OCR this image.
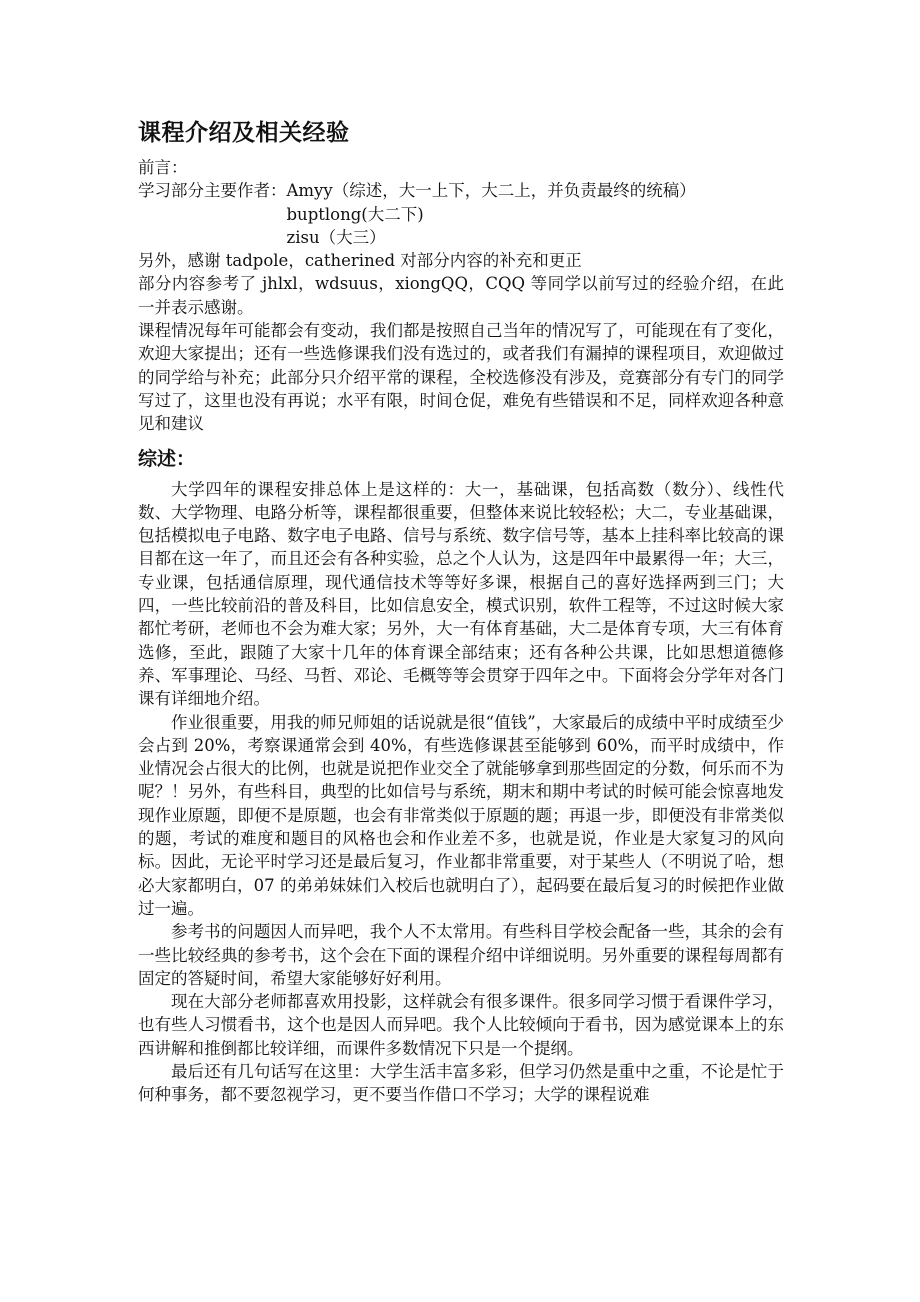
课程介绍及相关经验

前言：

学习部分主要作者： Amyy（综述，大一上下，大二上，并负责最终的统稿）
buptlong(大二下)
zisu（大三）

另外，感谢 tadpole，catherined 对部分内容的补充和更正

部分内容参考了 jhlxl，wdsuus，xiongQQ，CQQ 等同学以前写过的经验介绍，在此一并表示感谢。

课程情况每年可能都会有变动，我们都是按照自己当年的情况写了，可能现在有了变化，欢迎大家提出；还有一些选修课我们没有选过的，或者我们有漏掉的课程项目，欢迎做过的同学给与补充；此部分只介绍平常的课程，全校选修没有涉及，竞赛部分有专门的同学写过了，这里也没有再说；水平有限，时间仓促，难免有些错误和不足，同样欢迎各种意见和建议

综述：

大学四年的课程安排总体上是这样的：大一，基础课，包括高数（数分）、线性代数、大学物理、电路分析等，课程都很重要，但整体来说比较轻松；大二，专业基础课，包括模拟电子电路、数字电子电路、信号与系统、数字信号等，基本上挂科率比较高的课目都在这一年了，而且还会有各种实验，总之个人认为，这是四年中最累得一年；大三，专业课，包括通信原理，现代通信技术等等好多课，根据自己的喜好选择两到三门；大四，一些比较前沿的普及科目，比如信息安全，模式识别，软件工程等，不过这时候大家都忙考研，老师也不会为难大家；另外，大一有体育基础，大二是体育专项，大三有体育选修，至此，跟随了大家十几年的体育课全部结束；还有各种公共课，比如思想道德修养、军事理论、马经、马哲、邓论、毛概等等会贯穿于四年之中。下面将会分学年对各门课有详细地介绍。

作业很重要，用我的师兄师姐的话说就是很“值钱”，大家最后的成绩中平时成绩至少会占到 20%，考察课通常会到 40%，有些选修课甚至能够到 60%，而平时成绩中，作业情况会占很大的比例，也就是说把作业交全了就能够拿到那些固定的分数，何乐而不为呢？！另外，有些科目，典型的比如信号与系统，期末和期中考试的时候可能会惊喜地发现作业原题，即便不是原题，也会有非常类似于原题的题；再退一步，即便没有非常类似的题，考试的难度和题目的风格也会和作业差不多，也就是说，作业是大家复习的风向标。因此，无论平时学习还是最后复习，作业都非常重要，对于某些人（不明说了哈，想必大家都明白，07 的弟弟妹妹们入校后也就明白了），起码要在最后复习的时候把作业做过一遍。

参考书的问题因人而异吧，我个人不太常用。有些科目学校会配备一些，其余的会有一些比较经典的参考书，这个会在下面的课程介绍中详细说明。另外重要的课程每周都有固定的答疑时间，希望大家能够好好利用。

现在大部分老师都喜欢用投影，这样就会有很多课件。很多同学习惯于看课件学习，也有些人习惯看书，这个也是因人而异吧。我个人比较倾向于看书，因为感觉课本上的东西讲解和推倒都比较详细，而课件多数情况下只是一个提纲。

最后还有几句话写在这里：大学生活丰富多彩，但学习仍然是重中之重，不论是忙于何种事务，都不要忽视学习，更不要当作借口不学习；大学的课程说难
